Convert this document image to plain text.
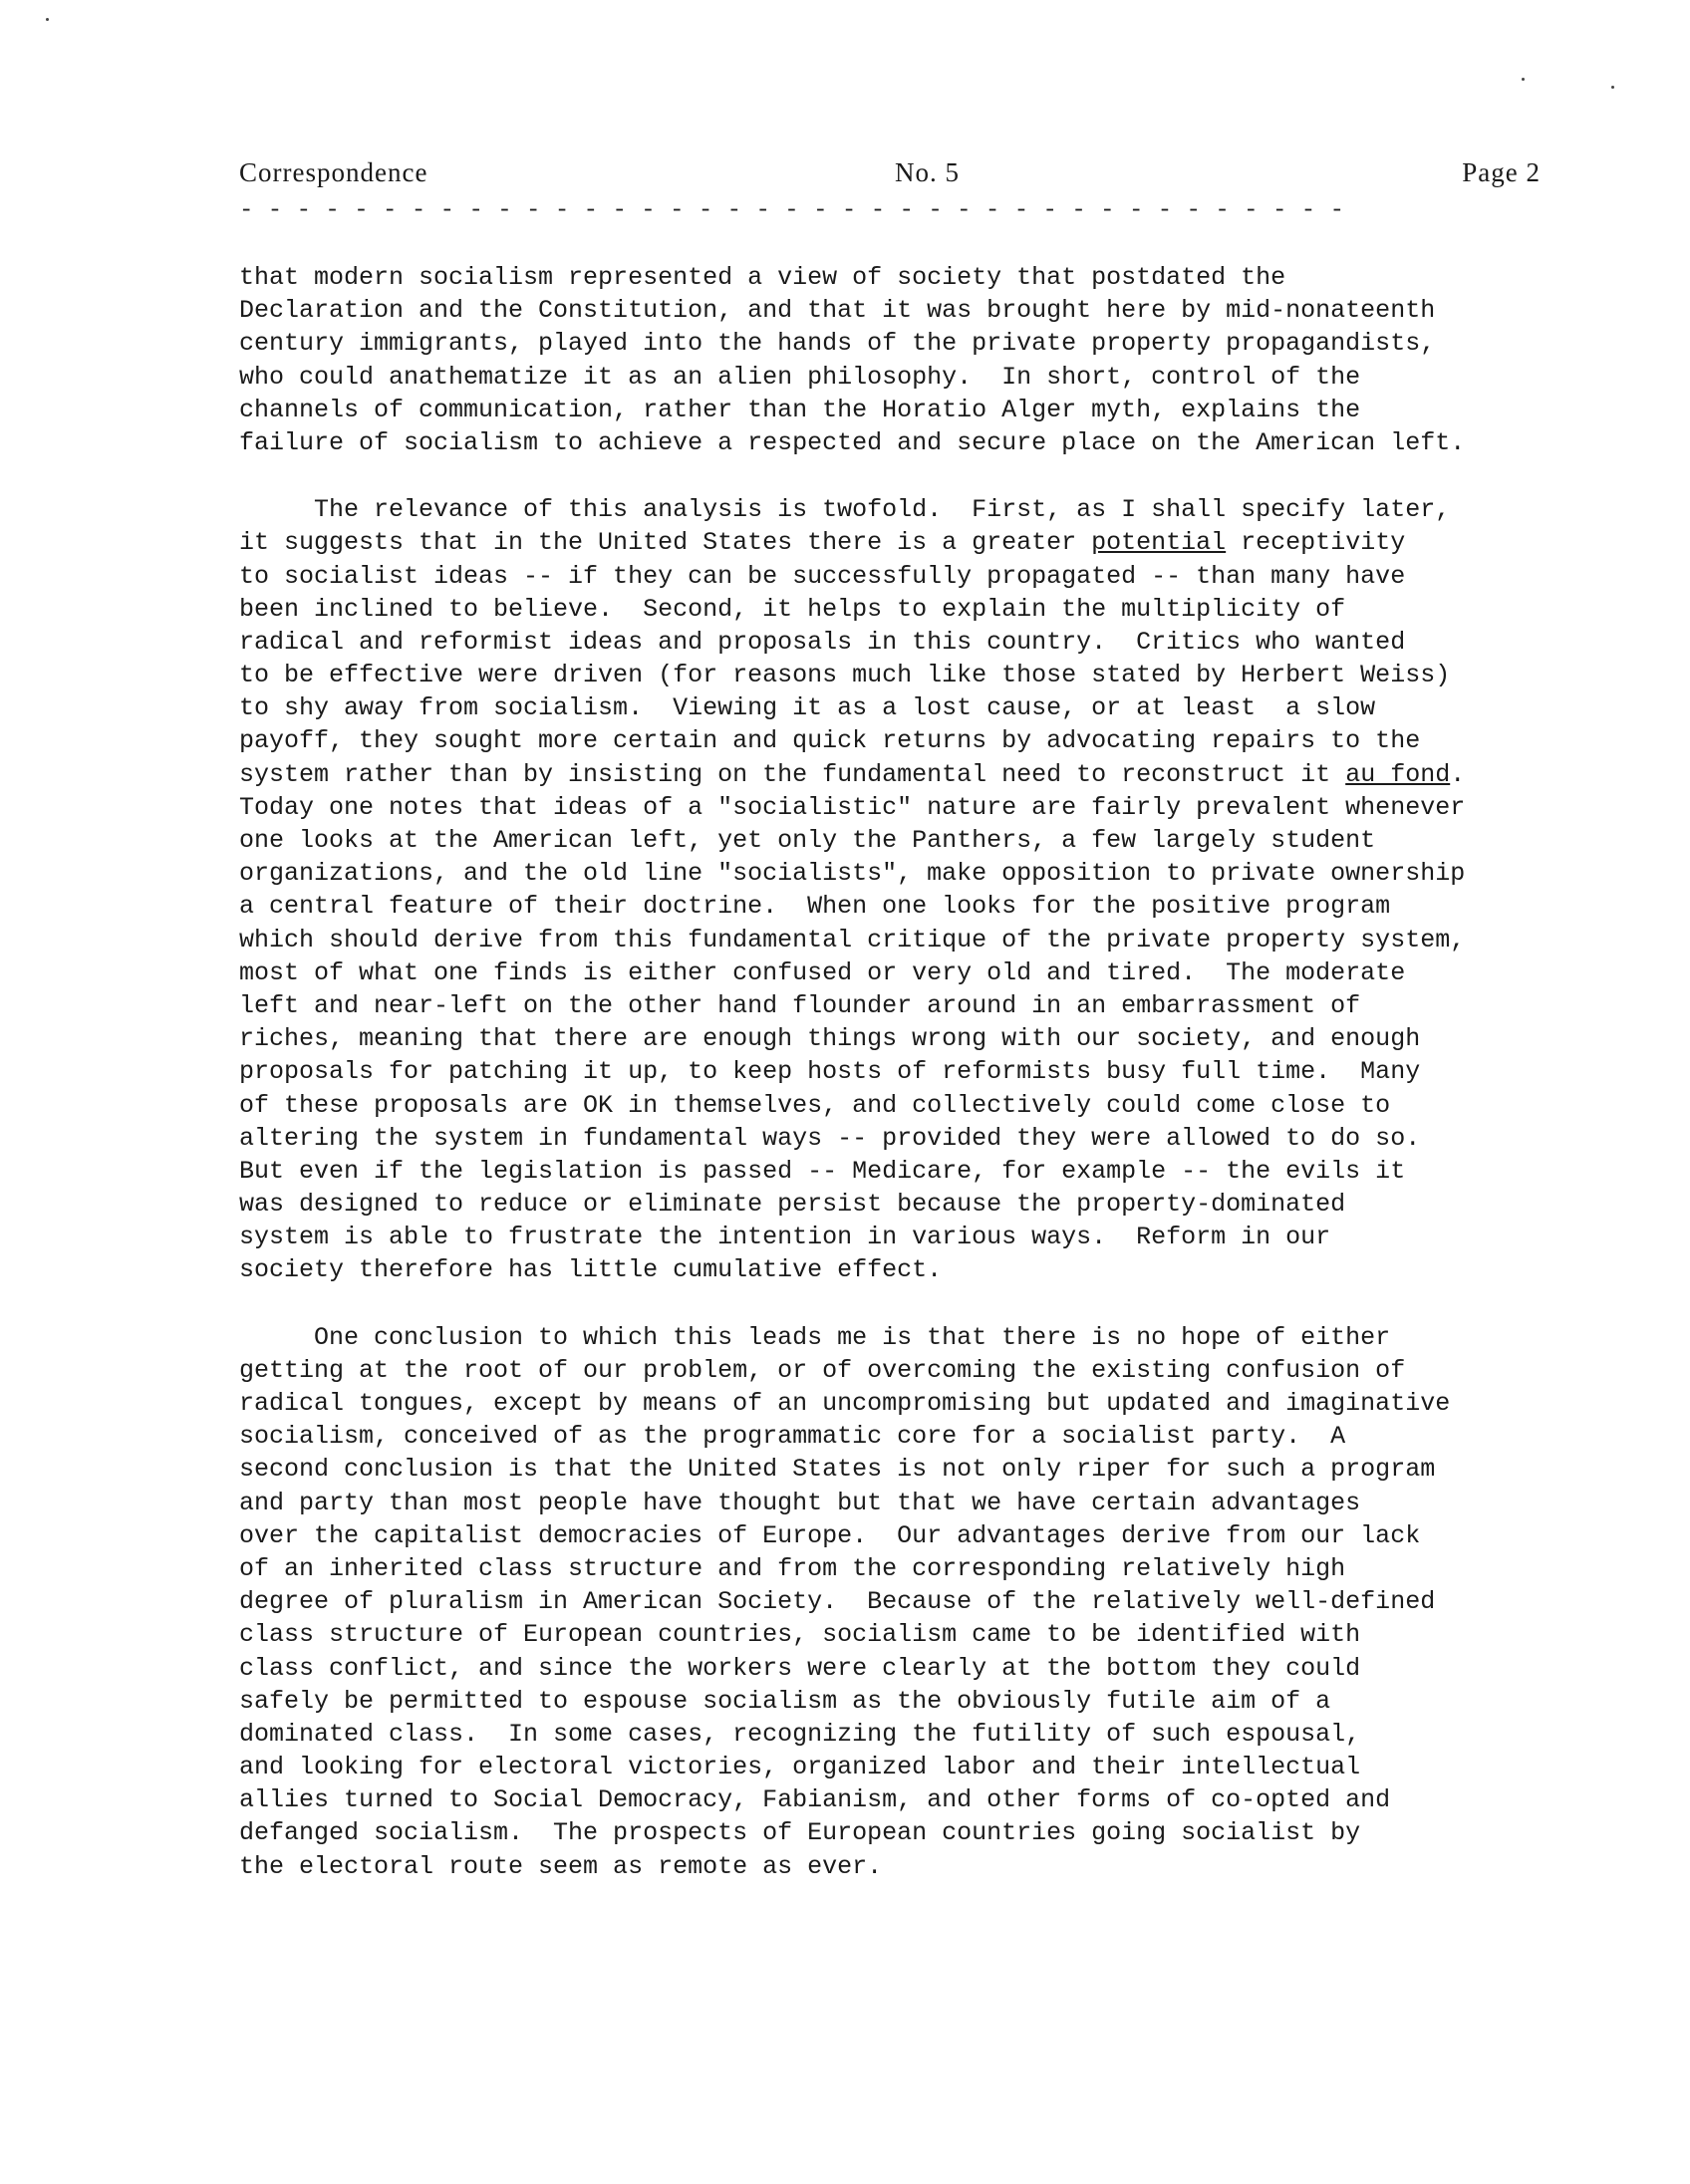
Correspondence	No. 5	Page 2
- - - - - - - - - - - - - - - - - - - - - - - - - - - - - - - - - - - - - - -
that modern socialism represented a view of society that postdated the
Declaration and the Constitution, and that it was brought here by mid-nonateenth
century immigrants, played into the hands of the private property propagandists,
who could anathematize it as an alien philosophy.  In short, control of the
channels of communication, rather than the Horatio Alger myth, explains the
failure of socialism to achieve a respected and secure place on the American left.
The relevance of this analysis is twofold.  First, as I shall specify later,
it suggests that in the United States there is a greater potential receptivity
to socialist ideas -- if they can be successfully propagated -- than many have
been inclined to believe.  Second, it helps to explain the multiplicity of
radical and reformist ideas and proposals in this country.  Critics who wanted
to be effective were driven (for reasons much like those stated by Herbert Weiss)
to shy away from socialism.  Viewing it as a lost cause, or at least  a slow
payoff, they sought more certain and quick returns by advocating repairs to the
system rather than by insisting on the fundamental need to reconstruct it au fond.
Today one notes that ideas of a "socialistic" nature are fairly prevalent whenever
one looks at the American left, yet only the Panthers, a few largely student
organizations, and the old line "socialists", make opposition to private ownership
a central feature of their doctrine.  When one looks for the positive program
which should derive from this fundamental critique of the private property system,
most of what one finds is either confused or very old and tired.  The moderate
left and near-left on the other hand flounder around in an embarrassment of
riches, meaning that there are enough things wrong with our society, and enough
proposals for patching it up, to keep hosts of reformists busy full time.  Many
of these proposals are OK in themselves, and collectively could come close to
altering the system in fundamental ways -- provided they were allowed to do so.
But even if the legislation is passed -- Medicare, for example -- the evils it
was designed to reduce or eliminate persist because the property-dominated
system is able to frustrate the intention in various ways.  Reform in our
society therefore has little cumulative effect.
One conclusion to which this leads me is that there is no hope of either
getting at the root of our problem, or of overcoming the existing confusion of
radical tongues, except by means of an uncompromising but updated and imaginative
socialism, conceived of as the programmatic core for a socialist party.  A
second conclusion is that the United States is not only riper for such a program
and party than most people have thought but that we have certain advantages
over the capitalist democracies of Europe.  Our advantages derive from our lack
of an inherited class structure and from the corresponding relatively high
degree of pluralism in American Society.  Because of the relatively well-defined
class structure of European countries, socialism came to be identified with
class conflict, and since the workers were clearly at the bottom they could
safely be permitted to espouse socialism as the obviously futile aim of a
dominated class.  In some cases, recognizing the futility of such espousal,
and looking for electoral victories, organized labor and their intellectual
allies turned to Social Democracy, Fabianism, and other forms of co-opted and
defanged socialism.  The prospects of European countries going socialist by
the electoral route seem as remote as ever.
